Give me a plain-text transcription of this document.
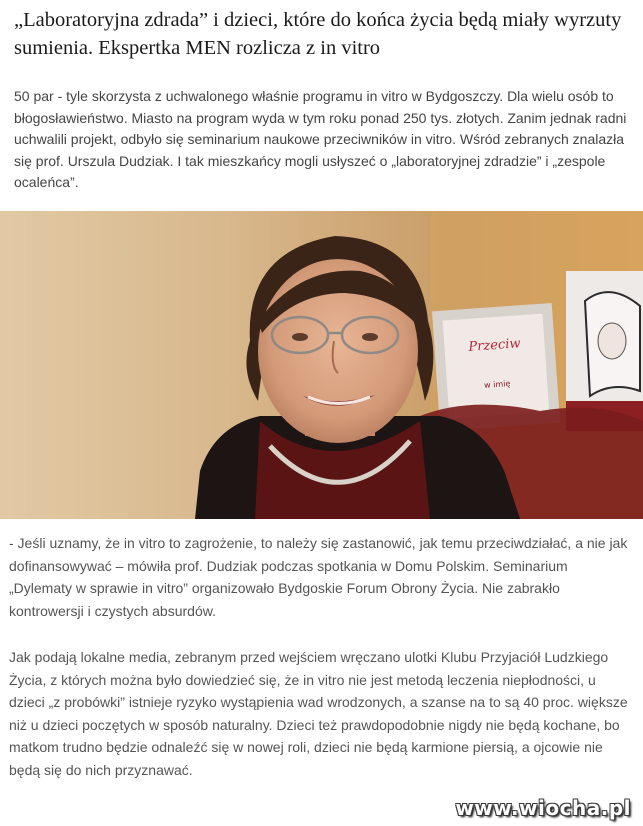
„Laboratoryjna zdrada” i dzieci, które do końca życia będą miały wyrzuty sumienia. Ekspertka MEN rozlicza z in vitro

50 par - tyle skorzysta z uchwalonego właśnie programu in vitro w Bydgoszczy. Dla wielu osób to błogosławieństwo. Miasto na program wyda w tym roku ponad 250 tys. złotych. Zanim jednak radni uchwalili projekt, odbyło się seminarium naukowe przeciwników in vitro. Wśród zebranych znalazła się prof. Urszula Dudziak. I tak mieszkańcy mogli usłyszeć o „laboratoryjnej zdradzie” i „zespole ocaleńca”.

Przeciw
w imię

- Jeśli uznamy, że in vitro to zagrożenie, to należy się zastanowić, jak temu przeciwdziałać, a nie jak dofinansowywać – mówiła prof. Dudziak podczas spotkania w Domu Polskim. Seminarium „Dylematy w sprawie in vitro” organizowało Bydgoskie Forum Obrony Życia. Nie zabrakło kontrowersji i czystych absurdów.

Jak podają lokalne media, zebranym przed wejściem wręczano ulotki Klubu Przyjaciół Ludzkiego Życia, z których można było dowiedzieć się, że in vitro nie jest metodą leczenia niepłodności, u dzieci „z probówki” istnieje ryzyko wystąpienia wad wrodzonych, a szanse na to są 40 proc. większe niż u dzieci poczętych w sposób naturalny. Dzieci też prawdopodobnie nigdy nie będą kochane, bo matkom trudno będzie odnaleźć się w nowej roli, dzieci nie będą karmione piersią, a ojcowie nie będą się do nich przyznawać.

www.wiocha.pl
